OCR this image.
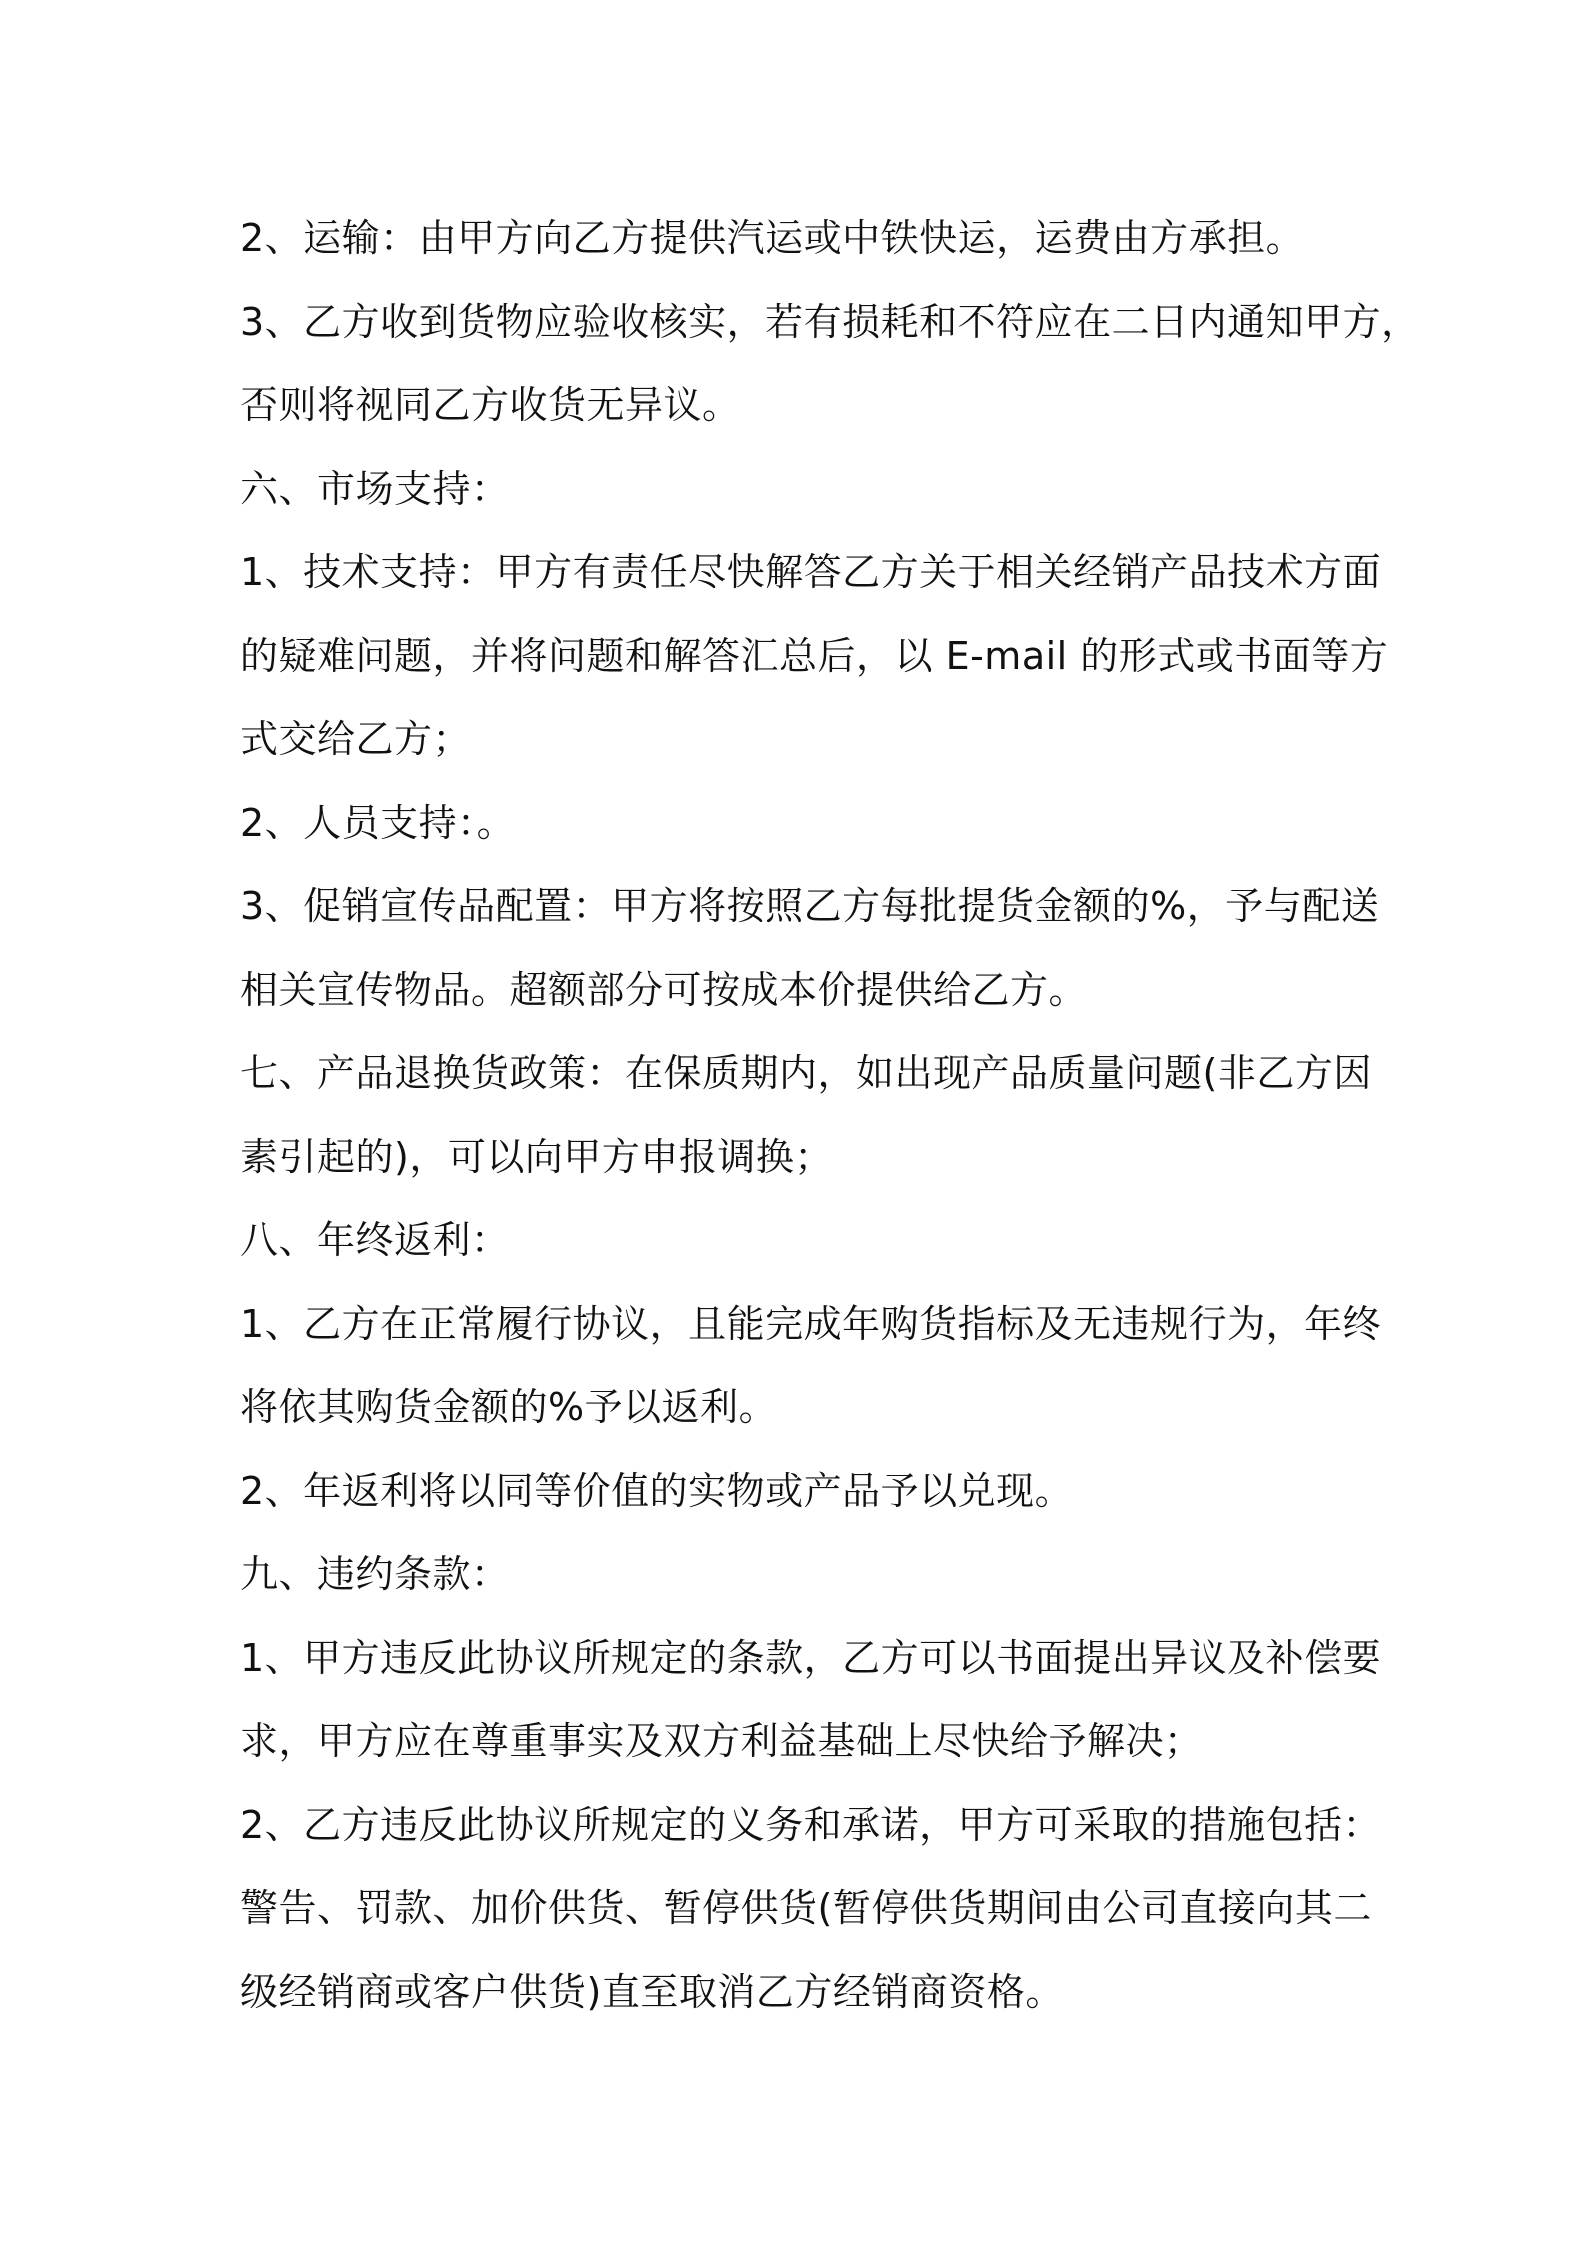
2、运输：由甲方向乙方提供汽运或中铁快运，运费由方承担。

3、乙方收到货物应验收核实，若有损耗和不符应在二日内通知甲方，
否则将视同乙方收货无异议。

六、市场支持：

1、技术支持：甲方有责任尽快解答乙方关于相关经销产品技术方面
的疑难问题，并将问题和解答汇总后，以 E-mail 的形式或书面等方
式交给乙方；

2、人员支持：。

3、促销宣传品配置：甲方将按照乙方每批提货金额的%，予与配送
相关宣传物品。超额部分可按成本价提供给乙方。

七、产品退换货政策：在保质期内，如出现产品质量问题(非乙方因
素引起的)，可以向甲方申报调换；

八、年终返利：

1、乙方在正常履行协议，且能完成年购货指标及无违规行为，年终
将依其购货金额的%予以返利。

2、年返利将以同等价值的实物或产品予以兑现。

九、违约条款：

1、甲方违反此协议所规定的条款，乙方可以书面提出异议及补偿要
求，甲方应在尊重事实及双方利益基础上尽快给予解决；

2、乙方违反此协议所规定的义务和承诺，甲方可采取的措施包括：
警告、罚款、加价供货、暂停供货(暂停供货期间由公司直接向其二
级经销商或客户供货)直至取消乙方经销商资格。
